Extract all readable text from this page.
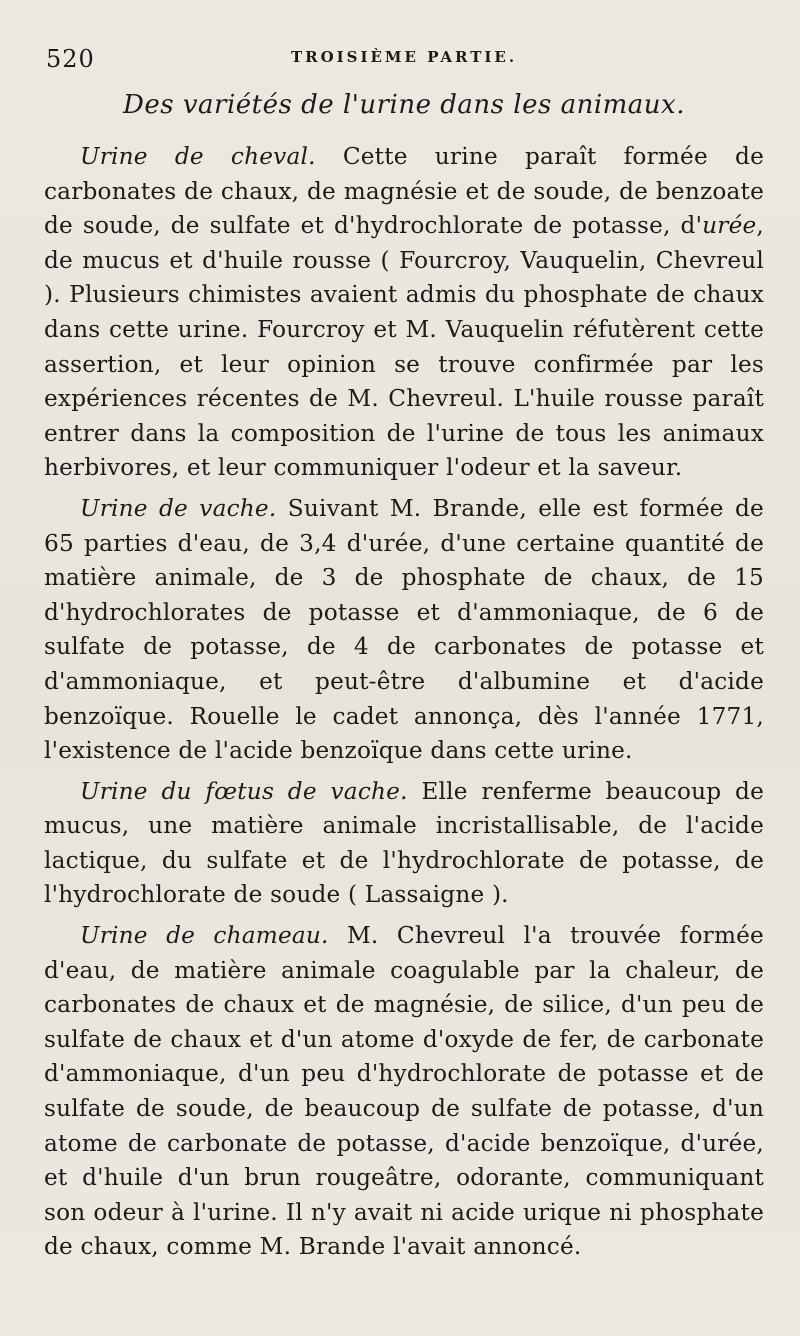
520	TROISIÈME PARTIE.
Des variétés de l'urine dans les animaux.

Urine de cheval. Cette urine paraît formée de carbonates de chaux, de magnésie et de soude, de benzoate de soude, de sulfate et d'hydrochlorate de potasse, d'urée, de mucus et d'huile rousse ( Fourcroy, Vauquelin, Chevreul ). Plusieurs chimistes avaient admis du phosphate de chaux dans cette urine. Fourcroy et M. Vauquelin réfutèrent cette assertion, et leur opinion se trouve confirmée par les expériences récentes de M. Chevreul. L'huile rousse paraît entrer dans la composition de l'urine de tous les animaux herbivores, et leur communiquer l'odeur et la saveur.

Urine de vache. Suivant M. Brande, elle est formée de 65 parties d'eau, de 3,4 d'urée, d'une certaine quantité de matière animale, de 3 de phosphate de chaux, de 15 d'hydrochlorates de potasse et d'ammoniaque, de 6 de sulfate de potasse, de 4 de carbonates de potasse et d'ammoniaque, et peut-être d'albumine et d'acide benzoïque. Rouelle le cadet annonça, dès l'année 1771, l'existence de l'acide benzoïque dans cette urine.

Urine du fœtus de vache. Elle renferme beaucoup de mucus, une matière animale incristallisable, de l'acide lactique, du sulfate et de l'hydrochlorate de potasse, de l'hydrochlorate de soude ( Lassaigne ).

Urine de chameau. M. Chevreul l'a trouvée formée d'eau, de matière animale coagulable par la chaleur, de carbonates de chaux et de magnésie, de silice, d'un peu de sulfate de chaux et d'un atome d'oxyde de fer, de carbonate d'ammoniaque, d'un peu d'hydrochlorate de potasse et de sulfate de soude, de beaucoup de sulfate de potasse, d'un atome de carbonate de potasse, d'acide benzoïque, d'urée, et d'huile d'un brun rougeâtre, odorante, communiquant son odeur à l'urine. Il n'y avait ni acide urique ni phosphate de chaux, comme M. Brande l'avait annoncé.
